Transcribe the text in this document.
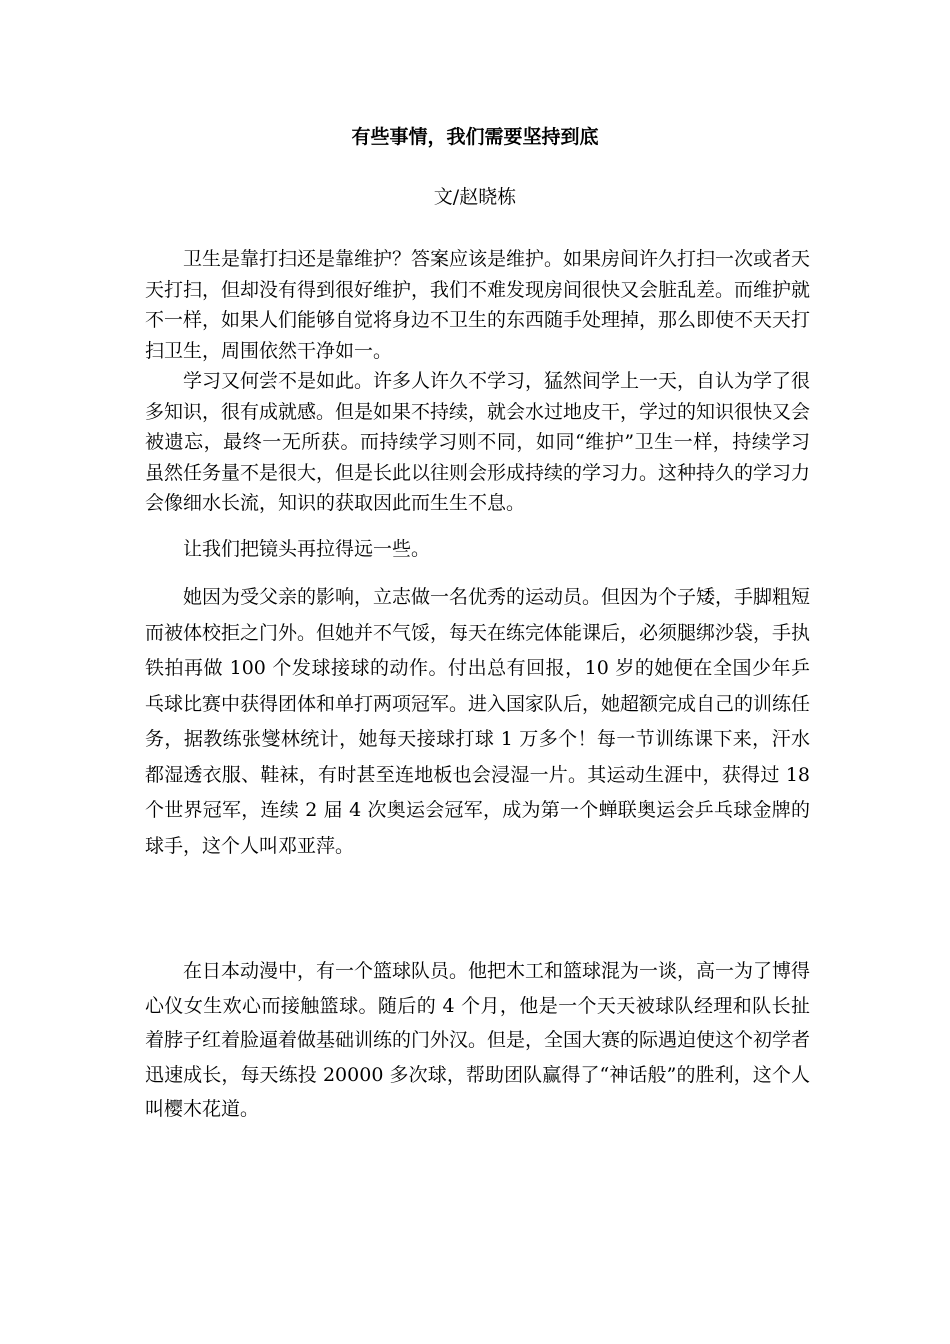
有些事情，我们需要坚持到底
文/赵晓栋

卫生是靠打扫还是靠维护？答案应该是维护。如果房间许久打扫一次或者天天打扫，但却没有得到很好维护，我们不难发现房间很快又会脏乱差。而维护就不一样，如果人们能够自觉将身边不卫生的东西随手处理掉，那么即使不天天打扫卫生，周围依然干净如一。

学习又何尝不是如此。许多人许久不学习，猛然间学上一天，自认为学了很多知识，很有成就感。但是如果不持续，就会水过地皮干，学过的知识很快又会被遗忘，最终一无所获。而持续学习则不同，如同“维护”卫生一样，持续学习虽然任务量不是很大，但是长此以往则会形成持续的学习力。这种持久的学习力会像细水长流，知识的获取因此而生生不息。

让我们把镜头再拉得远一些。

她因为受父亲的影响，立志做一名优秀的运动员。但因为个子矮，手脚粗短而被体校拒之门外。但她并不气馁，每天在练完体能课后，必须腿绑沙袋，手执铁拍再做 100 个发球接球的动作。付出总有回报，10 岁的她便在全国少年乒乓球比赛中获得团体和单打两项冠军。进入国家队后，她超额完成自己的训练任务，据教练张燮林统计，她每天接球打球 1 万多个！每一节训练课下来，汗水都湿透衣服、鞋袜，有时甚至连地板也会浸湿一片。其运动生涯中，获得过 18 个世界冠军，连续 2 届 4 次奥运会冠军，成为第一个蝉联奥运会乒乓球金牌的球手，这个人叫邓亚萍。

在日本动漫中，有一个篮球队员。他把木工和篮球混为一谈，高一为了博得心仪女生欢心而接触篮球。随后的 4 个月，他是一个天天被球队经理和队长扯着脖子红着脸逼着做基础训练的门外汉。但是，全国大赛的际遇迫使这个初学者迅速成长，每天练投 20000 多次球，帮助团队赢得了“神话般”的胜利，这个人叫樱木花道。
